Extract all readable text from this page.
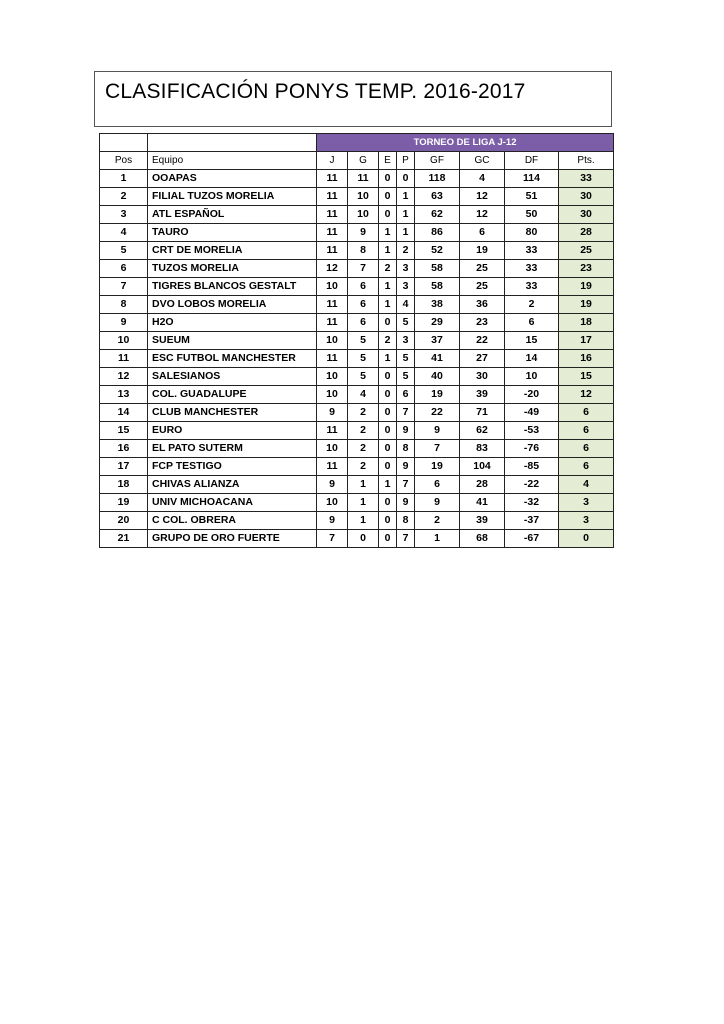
CLASIFICACIÓN PONYS TEMP. 2016-2017
		TORNEO DE LIGA J-12							
Pos	Equipo	J	G	E	P	GF	GC	DF	Pts.
1	OOAPAS	11	11	0	0	118	4	114	33
2	FILIAL TUZOS MORELIA	11	10	0	1	63	12	51	30
3	ATL ESPAÑOL	11	10	0	1	62	12	50	30
4	TAURO	11	9	1	1	86	6	80	28
5	CRT DE MORELIA	11	8	1	2	52	19	33	25
6	TUZOS MORELIA	12	7	2	3	58	25	33	23
7	TIGRES BLANCOS GESTALT	10	6	1	3	58	25	33	19
8	DVO LOBOS MORELIA	11	6	1	4	38	36	2	19
9	H2O	11	6	0	5	29	23	6	18
10	SUEUM	10	5	2	3	37	22	15	17
11	ESC FUTBOL MANCHESTER	11	5	1	5	41	27	14	16
12	SALESIANOS	10	5	0	5	40	30	10	15
13	COL. GUADALUPE	10	4	0	6	19	39	-20	12
14	CLUB MANCHESTER	9	2	0	7	22	71	-49	6
15	EURO	11	2	0	9	9	62	-53	6
16	EL PATO SUTERM	10	2	0	8	7	83	-76	6
17	FCP TESTIGO	11	2	0	9	19	104	-85	6
18	CHIVAS ALIANZA	9	1	1	7	6	28	-22	4
19	UNIV MICHOACANA	10	1	0	9	9	41	-32	3
20	C COL. OBRERA	9	1	0	8	2	39	-37	3
21	GRUPO DE ORO FUERTE	7	0	0	7	1	68	-67	0
